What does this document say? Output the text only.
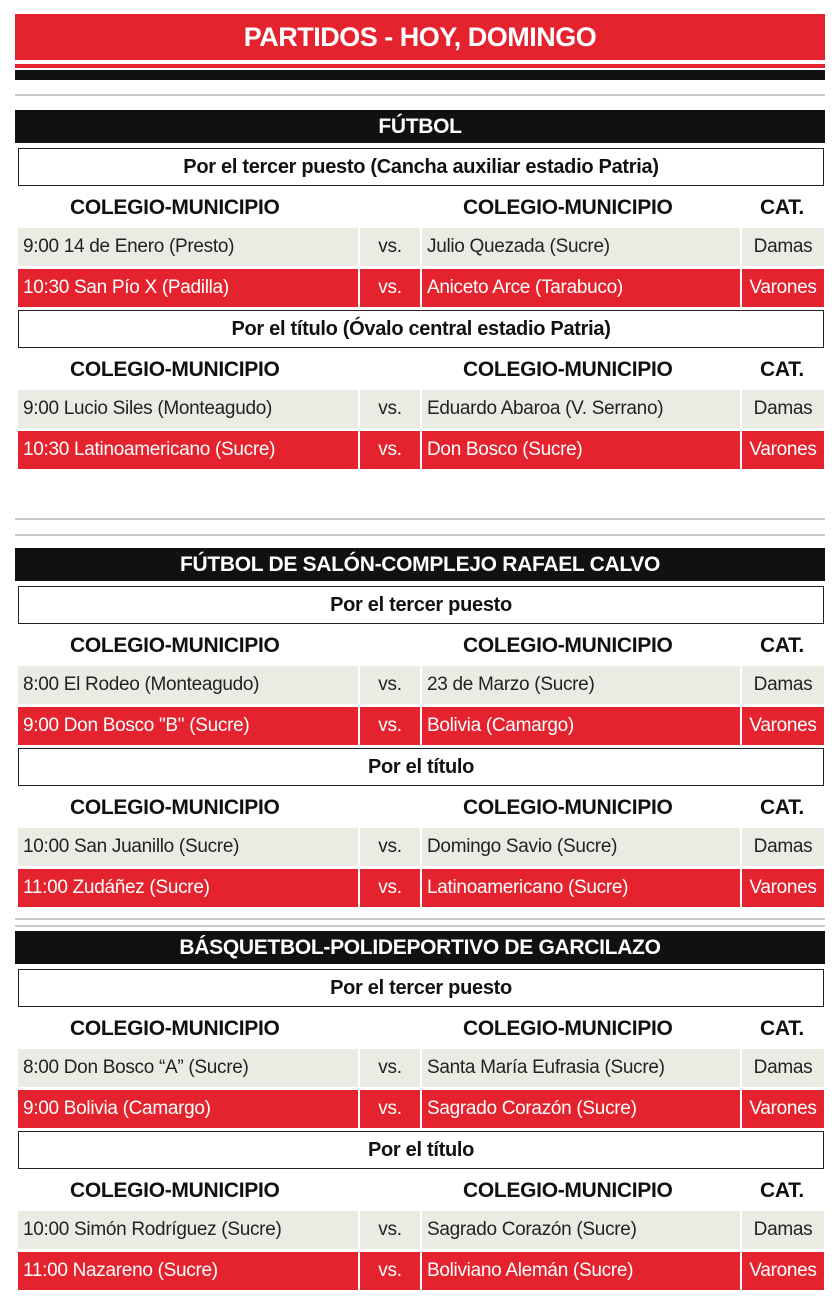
PARTIDOS - HOY, DOMINGO
FÚTBOL
Por el tercer puesto (Cancha auxiliar estadio Patria)
COLEGIO-MUNICIPIO	COLEGIO-MUNICIPIO	CAT.
9:00 14 de Enero (Presto)	vs.	Julio Quezada (Sucre)	Damas
10:30 San Pío X (Padilla)	vs.	Aniceto Arce (Tarabuco)	Varones
Por el título (Óvalo central estadio Patria)
COLEGIO-MUNICIPIO	COLEGIO-MUNICIPIO	CAT.
9:00 Lucio Siles (Monteagudo)	vs.	Eduardo Abaroa (V. Serrano)	Damas
10:30 Latinoamericano (Sucre)	vs.	Don Bosco (Sucre)	Varones
FÚTBOL DE SALÓN-COMPLEJO RAFAEL CALVO
Por el tercer puesto
COLEGIO-MUNICIPIO	COLEGIO-MUNICIPIO	CAT.
8:00 El Rodeo (Monteagudo)	vs.	23 de Marzo (Sucre)	Damas
9:00 Don Bosco "B" (Sucre)	vs.	Bolivia (Camargo)	Varones
Por el título
COLEGIO-MUNICIPIO	COLEGIO-MUNICIPIO	CAT.
10:00 San Juanillo (Sucre)	vs.	Domingo Savio (Sucre)	Damas
11:00 Zudáñez (Sucre)	vs.	Latinoamericano (Sucre)	Varones
BÁSQUETBOL-POLIDEPORTIVO DE GARCILAZO
Por el tercer puesto
COLEGIO-MUNICIPIO	COLEGIO-MUNICIPIO	CAT.
8:00 Don Bosco “A” (Sucre)	vs.	Santa María Eufrasia (Sucre)	Damas
9:00 Bolivia (Camargo)	vs.	Sagrado Corazón (Sucre)	Varones
Por el título
COLEGIO-MUNICIPIO	COLEGIO-MUNICIPIO	CAT.
10:00 Simón Rodríguez (Sucre)	vs.	Sagrado Corazón (Sucre)	Damas
11:00 Nazareno (Sucre)	vs.	Boliviano Alemán (Sucre)	Varones
